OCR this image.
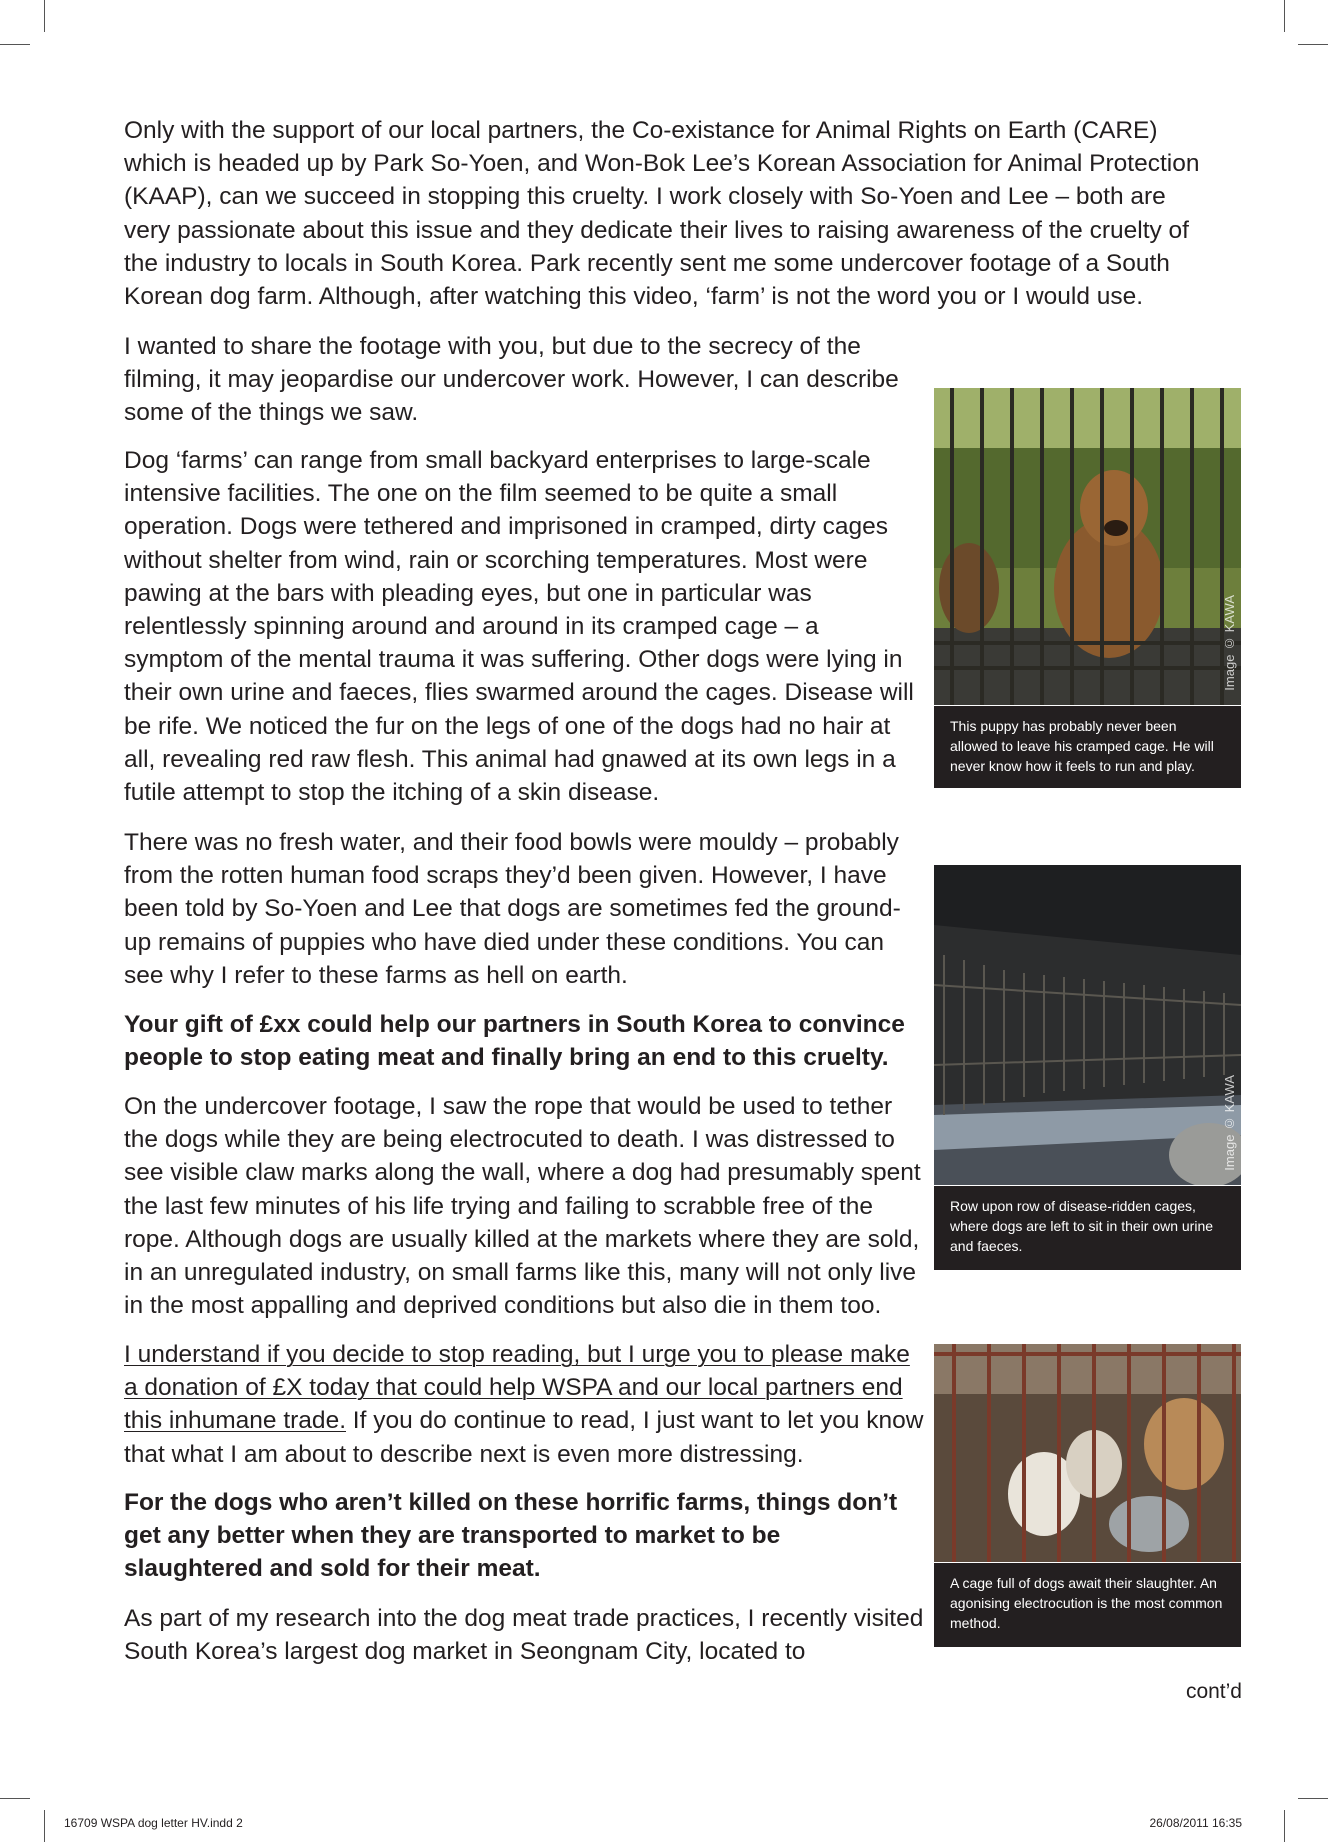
Only with the support of our local partners, the Co-existance for Animal Rights on Earth (CARE) which is headed up by Park So-Yoen, and Won-Bok Lee’s Korean Association for Animal Protection (KAAP), can we succeed in stopping this cruelty. I work closely with So-Yoen and Lee – both are very passionate about this issue and they dedicate their lives to raising awareness of the cruelty of the industry to locals in South Korea. Park recently sent me some undercover footage of a South Korean dog farm. Although, after watching this video, ‘farm’ is not the word you or I would use.

I wanted to share the footage with you, but due to the secrecy of the filming, it may jeopardise our undercover work. However, I can describe some of the things we saw.

Dog ‘farms’ can range from small backyard enterprises to large-scale intensive facilities. The one on the film seemed to be quite a small operation. Dogs were tethered and imprisoned in cramped, dirty cages without shelter from wind, rain or scorching temperatures. Most were pawing at the bars with pleading eyes, but one in particular was relentlessly spinning around and around in its cramped cage – a symptom of the mental trauma it was suffering. Other dogs were lying in their own urine and faeces, flies swarmed around the cages. Disease will be rife. We noticed the fur on the legs of one of the dogs had no hair at all, revealing red raw flesh. This animal had gnawed at its own legs in a futile attempt to stop the itching of a skin disease.

There was no fresh water, and their food bowls were mouldy – probably from the rotten human food scraps they’d been given. However, I have been told by So-Yoen and Lee that dogs are sometimes fed the ground-up remains of puppies who have died under these conditions. You can see why I refer to these farms as hell on earth.

Your gift of £xx could help our partners in South Korea to convince people to stop eating meat and finally bring an end to this cruelty.

On the undercover footage, I saw the rope that would be used to tether the dogs while they are being electrocuted to death. I was distressed to see visible claw marks along the wall, where a dog had presumably spent the last few minutes of his life trying and failing to scrabble free of the rope. Although dogs are usually killed at the markets where they are sold, in an unregulated industry, on small farms like this, many will not only live in the most appalling and deprived conditions but also die in them too.

I understand if you decide to stop reading, but I urge you to please make a donation of £X today that could help WSPA and our local partners end this inhumane trade. If you do continue to read, I just want to let you know that what I am about to describe next is even more distressing.

For the dogs who aren’t killed on these horrific farms, things don’t get any better when they are transported to market to be slaughtered and sold for their meat.

As part of my research into the dog meat trade practices, I recently visited South Korea’s largest dog market in Seongnam City, located to

Image © KAWA
This puppy has probably never been allowed to leave his cramped cage. He will never know how it feels to run and play.
Image © KAWA
Row upon row of disease-ridden cages, where dogs are left to sit in their own urine and faeces.
A cage full of dogs await their slaughter. An agonising electrocution is the most common method.
cont’d
16709 WSPA dog letter HV.indd 2	26/08/2011 16:35
